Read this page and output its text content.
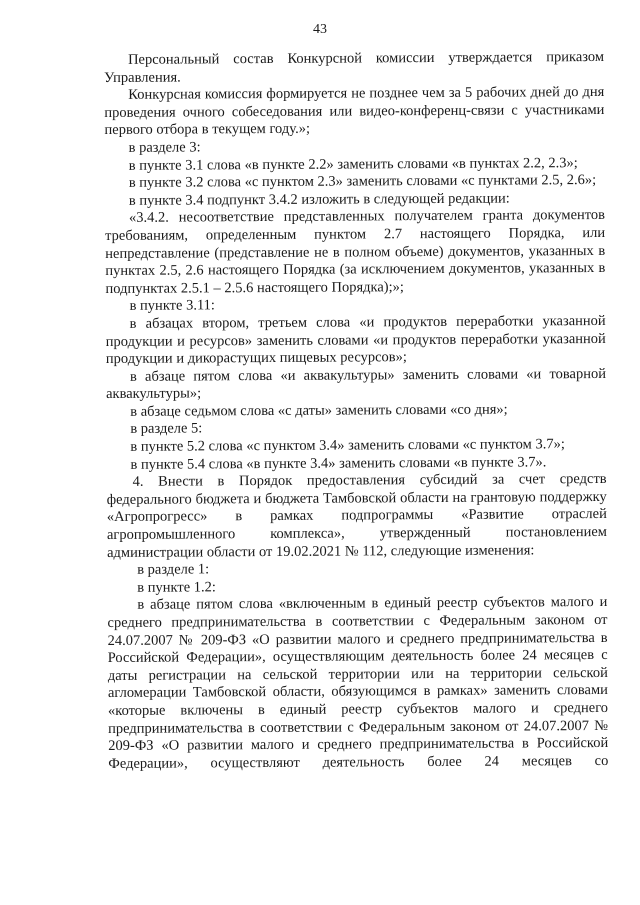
43

Персональный состав Конкурсной комиссии утверждается приказом Управления.

Конкурсная комиссия формируется не позднее чем за 5 рабочих дней до дня проведения очного собеседования или видео-конференц-связи с участниками первого отбора в текущем году.»;

в разделе 3:

в пункте 3.1 слова «в пункте 2.2» заменить словами «в пунктах 2.2, 2.3»;

в пункте 3.2 слова «с пунктом 2.3» заменить словами «с пунктами 2.5, 2.6»;

в пункте 3.4 подпункт 3.4.2 изложить в следующей редакции:

«3.4.2. несоответствие представленных получателем гранта документов требованиям, определенным пунктом 2.7 настоящего Порядка, или непредставление (представление не в полном объеме) документов, указанных в пунктах 2.5, 2.6 настоящего Порядка (за исключением документов, указанных в подпунктах 2.5.1 – 2.5.6 настоящего Порядка);»;

в пункте 3.11:

в абзацах втором, третьем слова «и продуктов переработки указанной продукции и ресурсов» заменить словами «и продуктов переработки указанной продукции и дикорастущих пищевых ресурсов»;

в абзаце пятом слова «и аквакультуры» заменить словами «и товарной аквакультуры»;

в абзаце седьмом слова «с даты» заменить словами «со дня»;

в разделе 5:

в пункте 5.2 слова «с пунктом 3.4» заменить словами «с пунктом 3.7»;

в пункте 5.4 слова «в пункте 3.4» заменить словами «в пункте 3.7».

4. Внести в Порядок предоставления субсидий за счет средств федерального бюджета и бюджета Тамбовской области на грантовую поддержку «Агропрогресс» в рамках подпрограммы «Развитие отраслей агропромышленного комплекса», утвержденный постановлением администрации области от 19.02.2021 № 112, следующие изменения:

в разделе 1:

в пункте 1.2:

в абзаце пятом слова «включенным в единый реестр субъектов малого и среднего предпринимательства в соответствии с Федеральным законом от 24.07.2007 № 209-ФЗ «О развитии малого и среднего предпринимательства в Российской Федерации», осуществляющим деятельность более 24 месяцев с даты регистрации на сельской территории или на территории сельской агломерации Тамбовской области, обязующимся в рамках» заменить словами «которые включены в единый реестр субъектов малого и среднего предпринимательства в соответствии с Федеральным законом от 24.07.2007 № 209-ФЗ «О развитии малого и среднего предпринимательства в Российской Федерации», осуществляют деятельность более 24 месяцев со
